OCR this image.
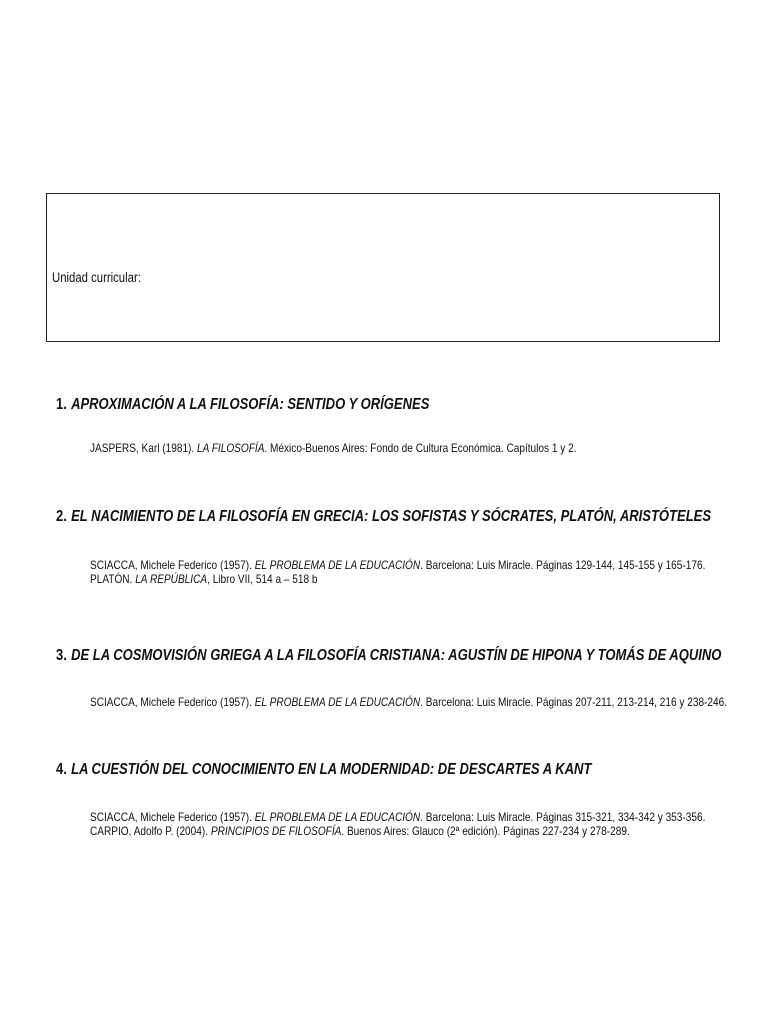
Unidad curricular:

1. APROXIMACIÓN A LA FILOSOFÍA: SENTIDO Y ORÍGENES

JASPERS, Karl (1981). LA FILOSOFÍA. México-Buenos Aires: Fondo de Cultura Económica. Capítulos 1 y 2.

2. EL NACIMIENTO DE LA FILOSOFÍA EN GRECIA: LOS SOFISTAS Y SÓCRATES, PLATÓN, ARISTÓTELES

SCIACCA, Michele Federico (1957). EL PROBLEMA DE LA EDUCACIÓN. Barcelona: Luis Miracle. Páginas 129-144, 145-155 y 165-176.
PLATÓN. LA REPÚBLICA, Libro VII, 514 a – 518 b

3. DE LA COSMOVISIÓN GRIEGA A LA FILOSOFÍA CRISTIANA: AGUSTÍN DE HIPONA Y TOMÁS DE AQUINO

SCIACCA, Michele Federico (1957). EL PROBLEMA DE LA EDUCACIÓN. Barcelona: Luis Miracle. Páginas 207-211, 213-214, 216 y 238-246.

4. LA CUESTIÓN DEL CONOCIMIENTO EN LA MODERNIDAD: DE DESCARTES A KANT

SCIACCA, Michele Federico (1957). EL PROBLEMA DE LA EDUCACIÓN. Barcelona: Luis Miracle. Páginas 315-321, 334-342 y 353-356.
CARPIO, Adolfo P. (2004). PRINCIPIOS DE FILOSOFÍA. Buenos Aires: Glauco (2ª edición). Páginas 227-234 y 278-289.
